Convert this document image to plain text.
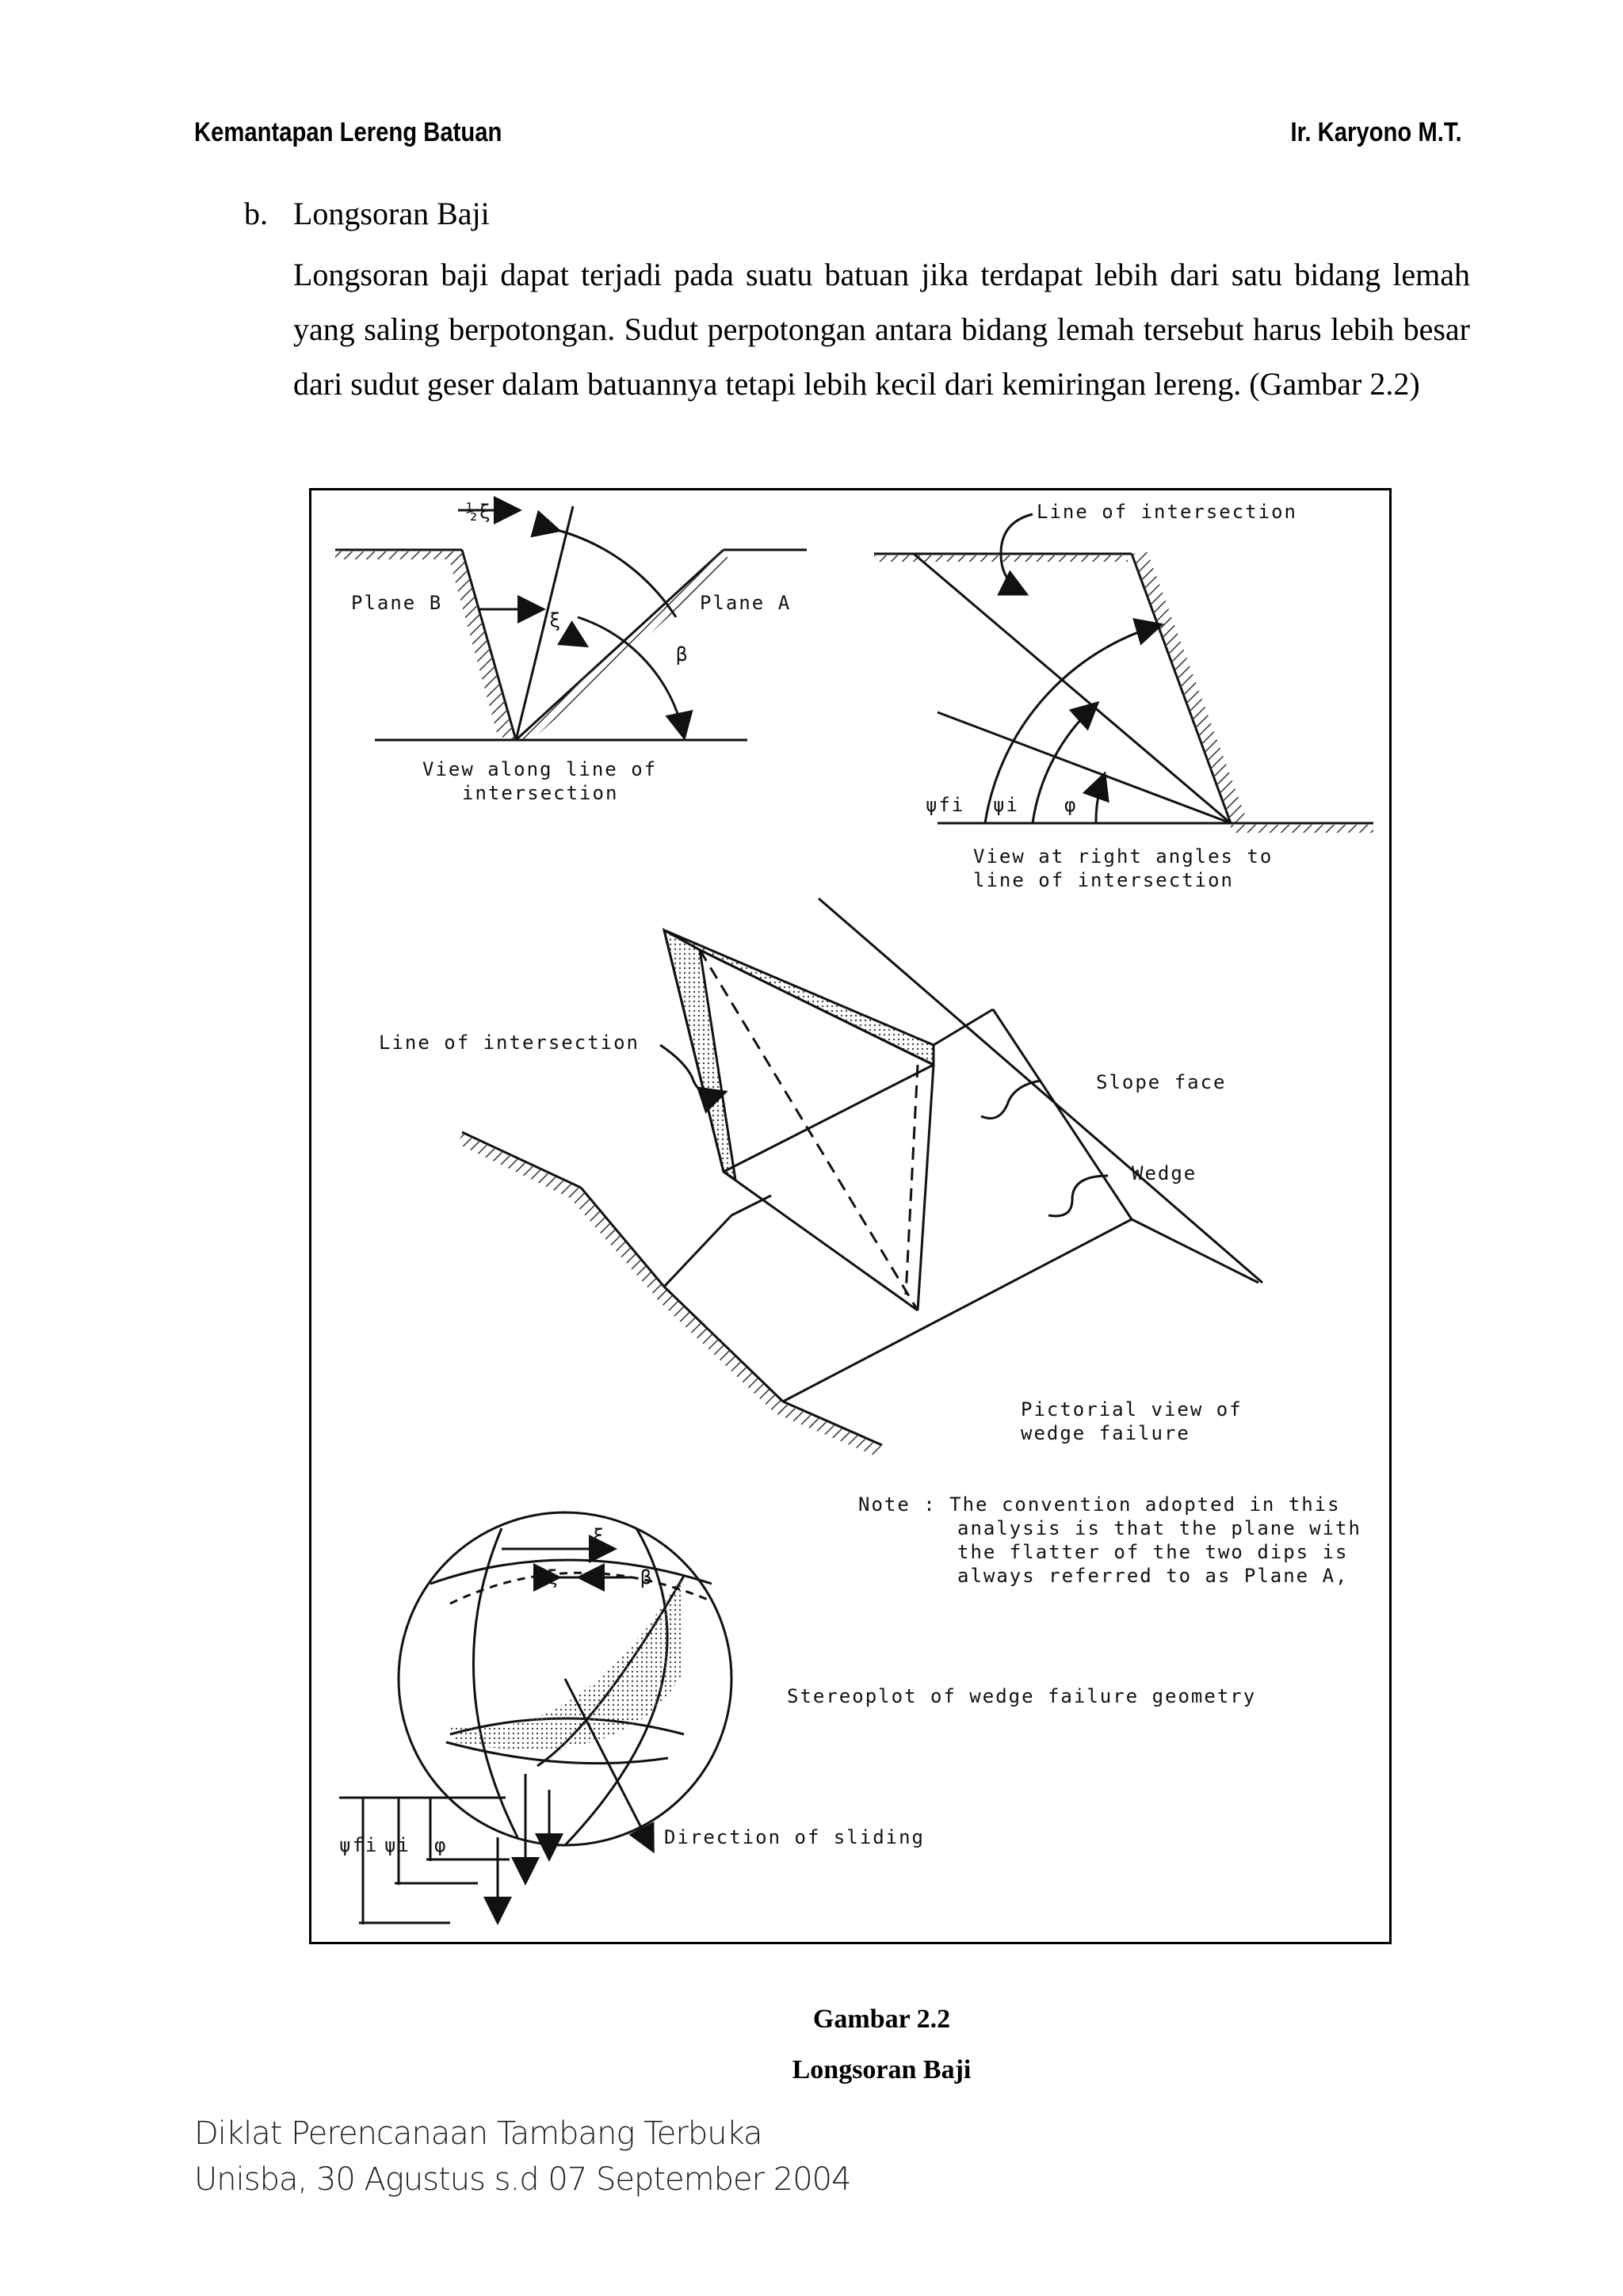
Kemantapan Lereng Batuan	Ir. Karyono M.T.
b. Longsoran Baji

Longsoran baji dapat terjadi pada suatu batuan jika terdapat lebih dari satu bidang lemah yang saling berpotongan. Sudut perpotongan antara bidang lemah tersebut harus lebih besar dari sudut geser dalam batuannya tetapi lebih kecil dari kemiringan lereng. (Gambar 2.2)

½ξ
Plane B	Plane A
ξ
β
View along line of
intersection
Line of intersection
ψfi ψi φ
View at right angles to
line of intersection
Line of intersection
Slope face
Wedge
Pictorial view of
wedge failure
Note : The convention adopted in this
analysis is that the plane with
the flatter of the two dips is
always referred to as Plane A,
ξ
½ξ	β
Stereoplot of wedge failure geometry
Direction of sliding
ψfi ψi φ
Gambar 2.2
Longsoran Baji
Diklat Perencanaan Tambang Terbuka
Unisba, 30 Agustus s.d 07 September 2004
